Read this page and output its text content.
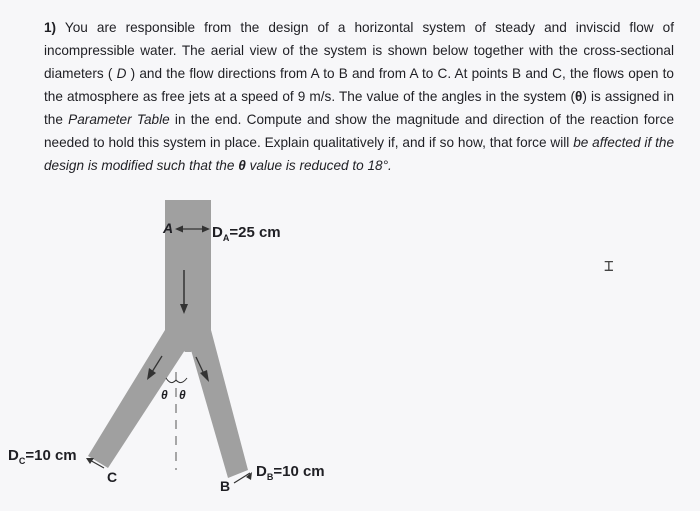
1) You are responsible from the design of a horizontal system of steady and inviscid flow of incompressible water. The aerial view of the system is shown below together with the cross-sectional diameters ( D ) and the flow directions from A to B and from A to C. At points B and C, the flows open to the atmosphere as free jets at a speed of 9 m/s. The value of the angles in the system (θ) is assigned in the Parameter Table in the end. Compute and show the magnitude and direction of the reaction force needed to hold this system in place. Explain qualitatively if, and if so how, that force will be affected if the design is modified such that the θ value is reduced to 18°.

θ θ
A	$D_A=25$ cm
$D_C=10$ cm
C
B
$D_B=10$ cm
⌶
